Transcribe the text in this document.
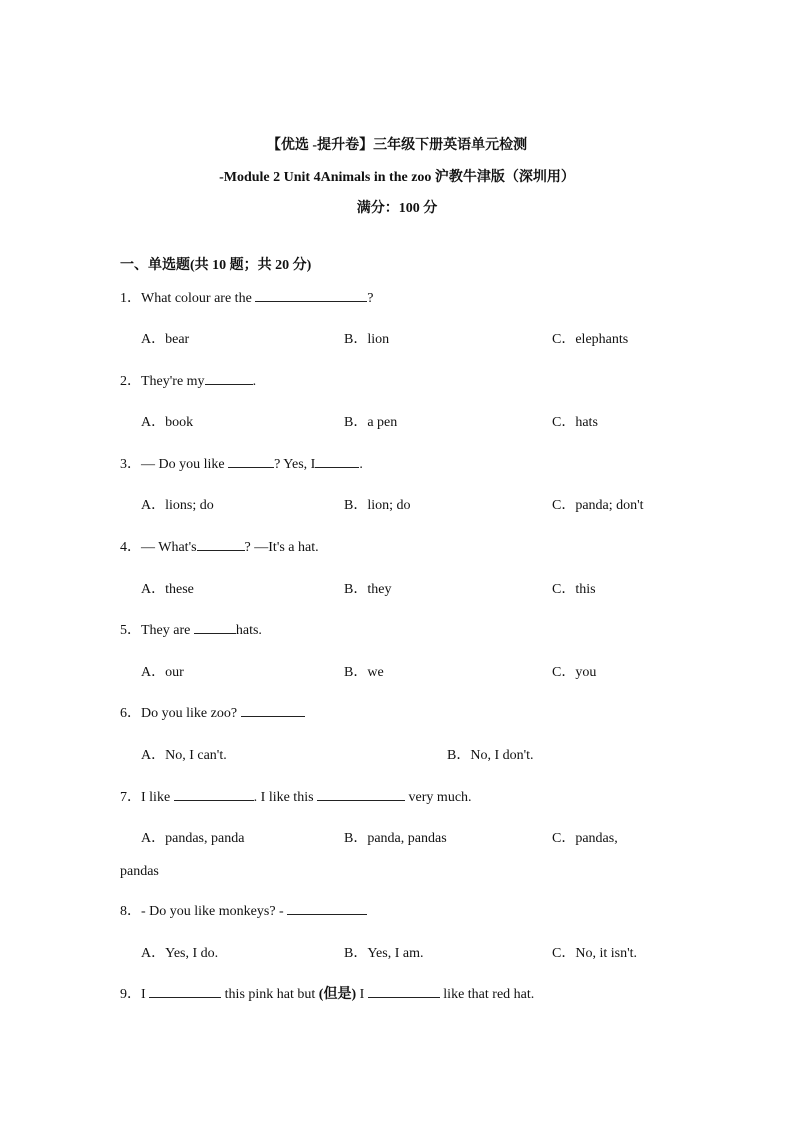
【优选 -提升卷】三年级下册英语单元检测
-Module 2 Unit 4Animals in the zoo 沪教牛津版（深圳用）
满分：100 分
一、单选题(共 10 题；共 20 分)
1．What colour are the	?
A．bear	B．lion	C．elephants
2．They're my	.
A．book	B．a pen	C．hats
3．— Do you like	? Yes, I	.
A．lions; do	B．lion; do	C．panda; don't
4．— What's	? —It's a hat.
A．these	B．they	C．this
5．They are	hats.
A．our	B．we	C．you
6．Do you like zoo?
A．No, I can't.	B．No, I don't.
7．I like	. I like this	very much.
A．pandas, panda	B．panda, pandas	C．pandas,
pandas
8．- Do you like monkeys? -
A．Yes, I do.	B．Yes, I am.	C．No, it isn't.
9．I	this pink hat but (但是) I	like that red hat.
